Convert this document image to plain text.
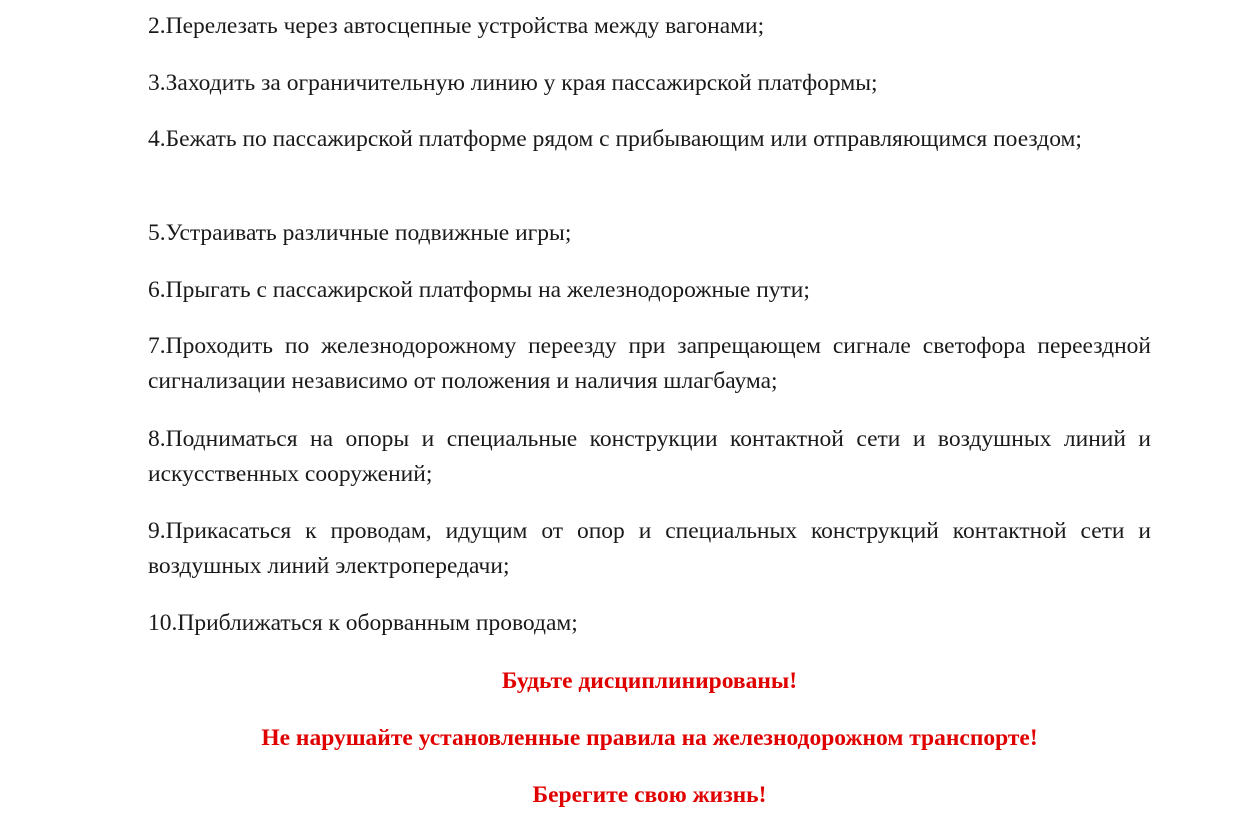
2.Перелезать через автосцепные устройства между вагонами;

3.Заходить за ограничительную линию у края пассажирской платформы;

4.Бежать по пассажирской платформе рядом с прибывающим или отправляющимся поездом;

5.Устраивать различные подвижные игры;

6.Прыгать с пассажирской платформы на железнодорожные пути;

7.Проходить по железнодорожному переезду при запрещающем сигнале светофора переездной сигнализации независимо от положения и наличия шлагбаума;

8.Подниматься на опоры и специальные конструкции контактной сети и воздушных линий и искусственных сооружений;

9.Прикасаться к проводам, идущим от опор и специальных конструкций контактной сети и воздушных линий электропередачи;

10.Приближаться к оборванным проводам;

Будьте дисциплинированы!

Не нарушайте установленные правила на железнодорожном транспорте!

Берегите свою жизнь!
